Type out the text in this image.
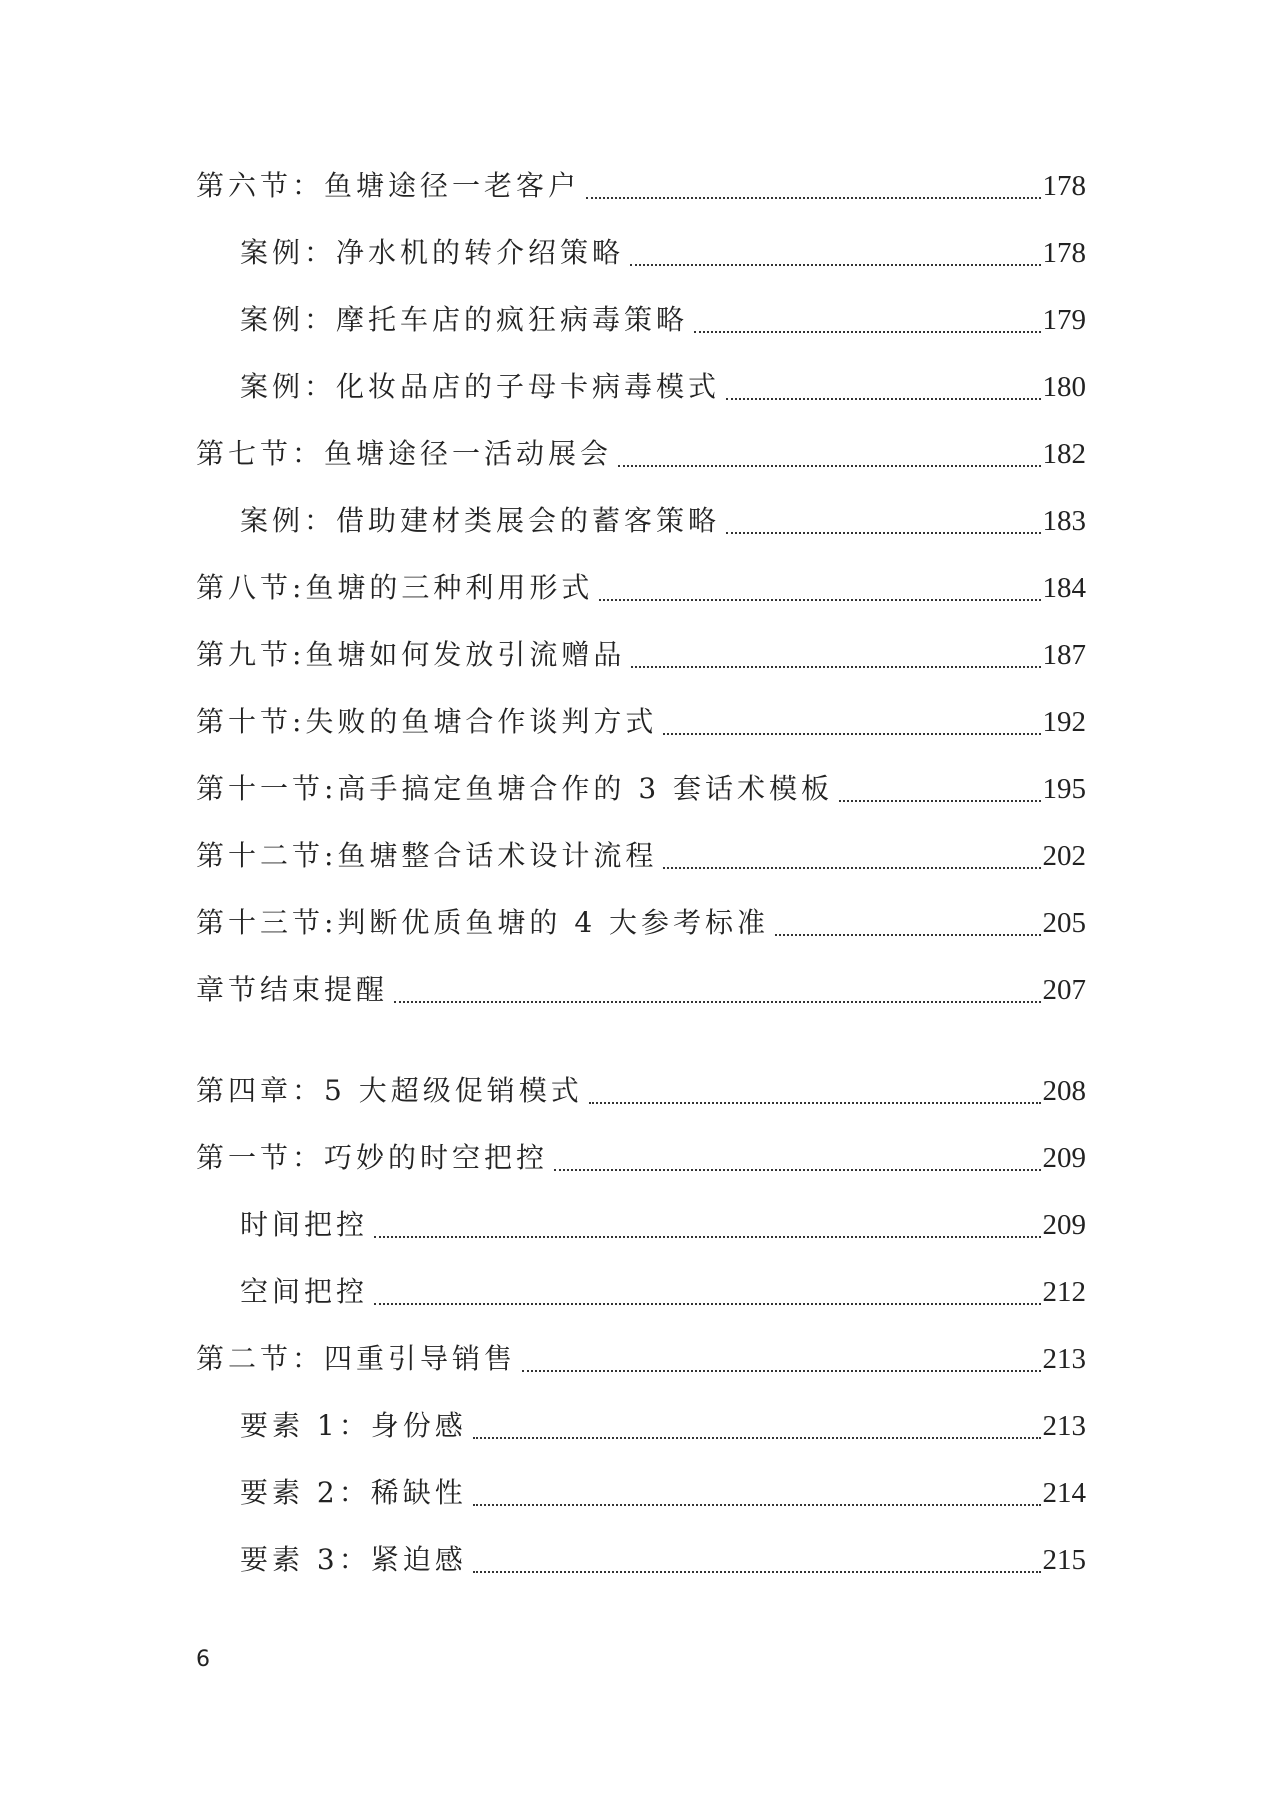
第六节：鱼塘途径一老客户	178
案例：净水机的转介绍策略	178
案例：摩托车店的疯狂病毒策略	179
案例：化妆品店的子母卡病毒模式	180
第七节：鱼塘途径一活动展会	182
案例：借助建材类展会的蓄客策略	183
第八节:鱼塘的三种利用形式	184
第九节:鱼塘如何发放引流赠品	187
第十节:失败的鱼塘合作谈判方式	192
第十一节:高手搞定鱼塘合作的 3 套话术模板	195
第十二节:鱼塘整合话术设计流程	202
第十三节:判断优质鱼塘的 4 大参考标准	205
章节结束提醒	207
第四章：5 大超级促销模式	208
第一节：巧妙的时空把控	209
时间把控	209
空间把控	212
第二节：四重引导销售	213
要素 1：身份感	213
要素 2：稀缺性	214
要素 3：紧迫感	215
6
